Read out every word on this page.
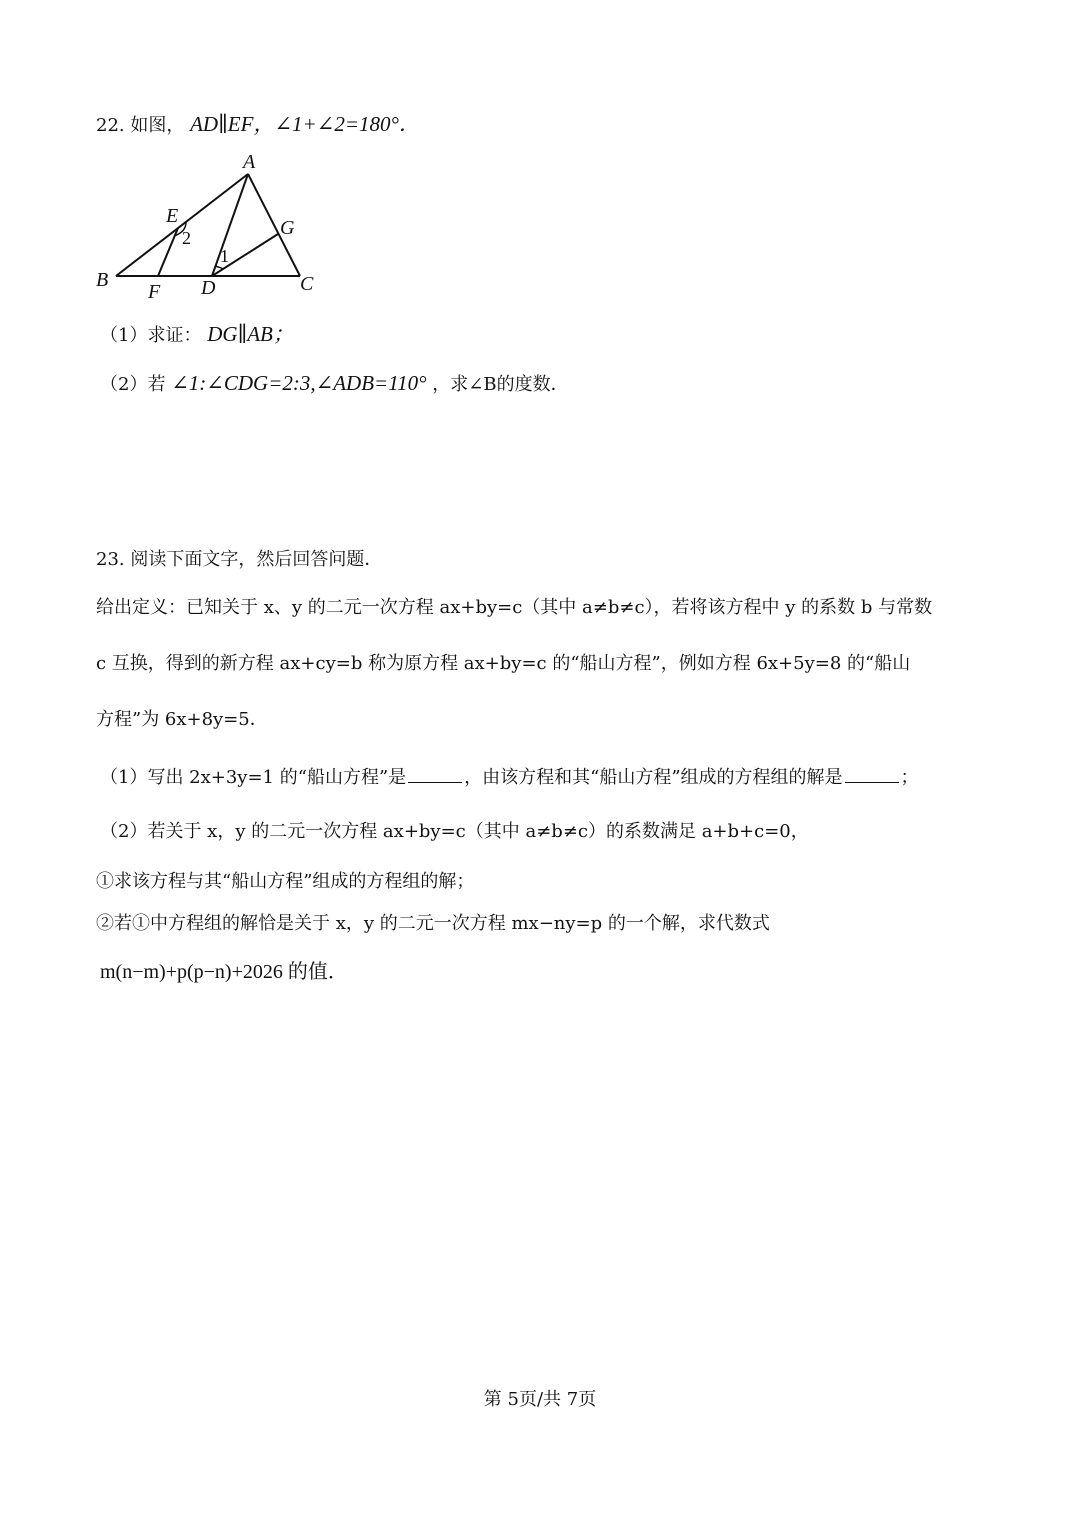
22. 如图， AD∥EF，∠1+∠2=180°．
A
B	C
D
E
F
G
1
2
（1）求证： DG∥AB；
（2）若 ∠1:∠CDG=2:3,∠ADB=110° ，求∠B的度数．
23. 阅读下面文字，然后回答问题．
给出定义：已知关于 x、y 的二元一次方程 ax+by=c（其中 a≠b≠c），若将该方程中 y 的系数 b 与常数
c 互换，得到的新方程 ax+cy=b 称为原方程 ax+by=c 的“船山方程”，例如方程 6x+5y=8 的“船山
方程”为 6x+8y=5．
（1）写出 2x+3y=1 的“船山方程”是	，由该方程和其“船山方程”组成的方程组的解是	；
（2）若关于 x，y 的二元一次方程 ax+by=c（其中 a≠b≠c）的系数满足 a+b+c=0，
①求该方程与其“船山方程”组成的方程组的解；
②若①中方程组的解恰是关于 x，y 的二元一次方程 mx−ny=p 的一个解，求代数式
m(n−m)+p(p−n)+2026 的值．
第 5页/共 7页
